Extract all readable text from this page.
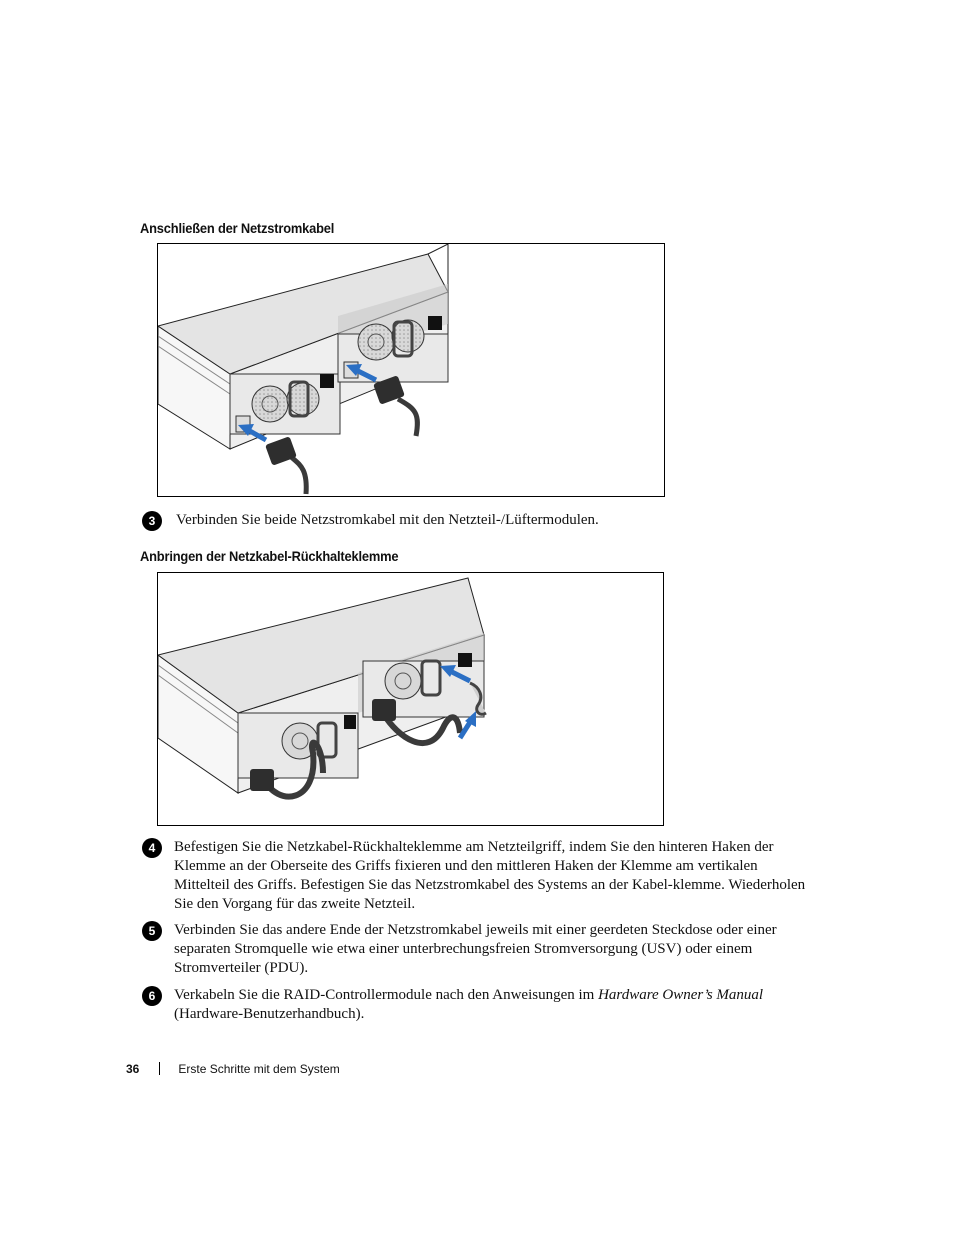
Anschließen der Netzstromkabel
3	Verbinden Sie beide Netzstromkabel mit den Netzteil-/Lüftermodulen.
Anbringen der Netzkabel-Rückhalteklemme
4	Befestigen Sie die Netzkabel-Rückhalteklemme am Netzteilgriff, indem Sie den hinteren Haken der Klemme an der Oberseite des Griffs fixieren und den mittleren Haken der Klemme am vertikalen Mittelteil des Griffs. Befestigen Sie das Netzstromkabel des Systems an der Kabel-klemme. Wiederholen Sie den Vorgang für das zweite Netzteil.
5	Verbinden Sie das andere Ende der Netzstromkabel jeweils mit einer geerdeten Steckdose oder einer separaten Stromquelle wie etwa einer unterbrechungsfreien Stromversorgung (USV) oder einem Stromverteiler (PDU).
6	Verkabeln Sie die RAID-Controllermodule nach den Anweisungen im Hardware Owner’s Manual (Hardware-Benutzerhandbuch).
36	Erste Schritte mit dem System
